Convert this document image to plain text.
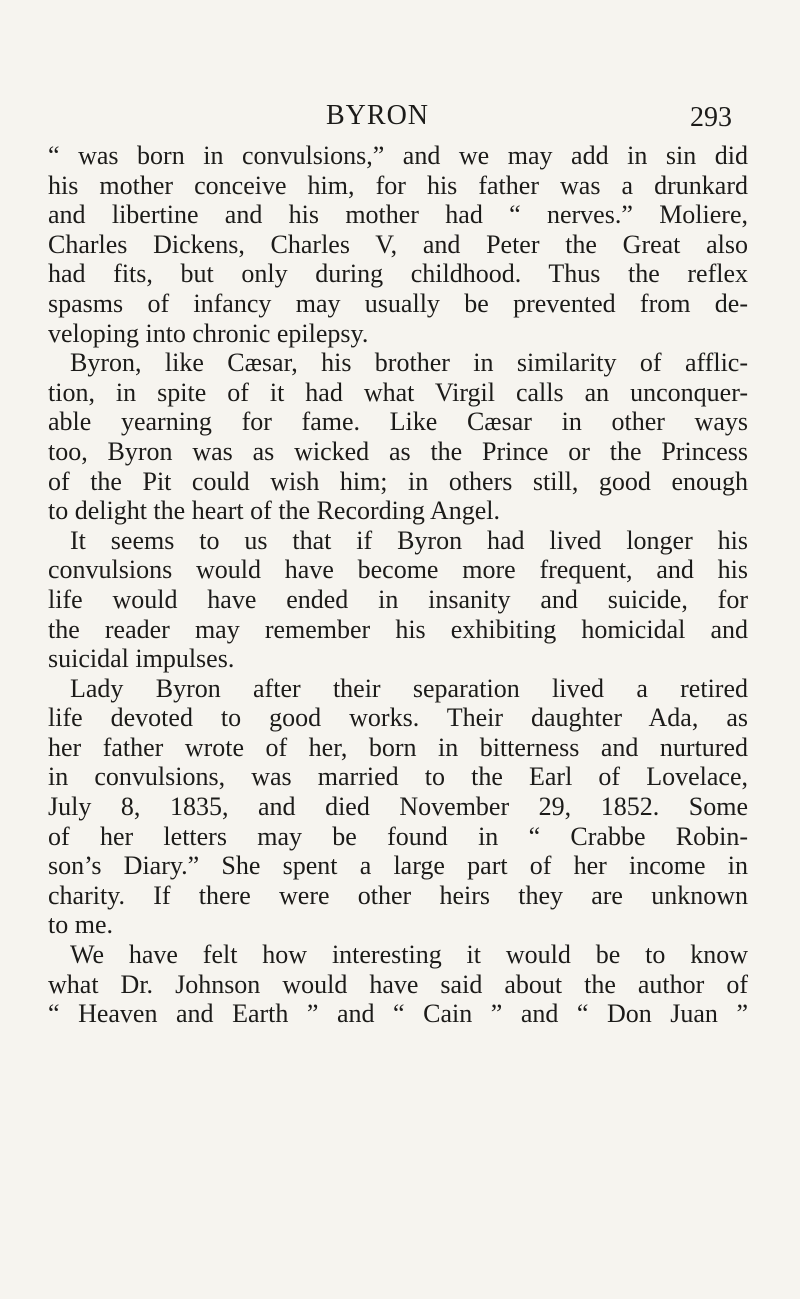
BYRON	293
“ was born in convulsions,” and we may add in sin did
his mother conceive him, for his father was a drunkard
and libertine and his mother had “ nerves.” Moliere,
Charles Dickens, Charles V, and Peter the Great also
had fits, but only during childhood. Thus the reflex
spasms of infancy may usually be prevented from de-
veloping into chronic epilepsy.
Byron, like Cæsar, his brother in similarity of afflic-
tion, in spite of it had what Virgil calls an unconquer-
able yearning for fame. Like Cæsar in other ways
too, Byron was as wicked as the Prince or the Princess
of the Pit could wish him; in others still, good enough
to delight the heart of the Recording Angel.
It seems to us that if Byron had lived longer his
convulsions would have become more frequent, and his
life would have ended in insanity and suicide, for
the reader may remember his exhibiting homicidal and
suicidal impulses.
Lady Byron after their separation lived a retired
life devoted to good works. Their daughter Ada, as
her father wrote of her, born in bitterness and nurtured
in convulsions, was married to the Earl of Lovelace,
July 8, 1835, and died November 29, 1852. Some
of her letters may be found in “ Crabbe Robin-
son’s Diary.” She spent a large part of her income in
charity. If there were other heirs they are unknown
to me.
We have felt how interesting it would be to know
what Dr. Johnson would have said about the author of
“ Heaven and Earth ” and “ Cain ” and “ Don Juan ”
